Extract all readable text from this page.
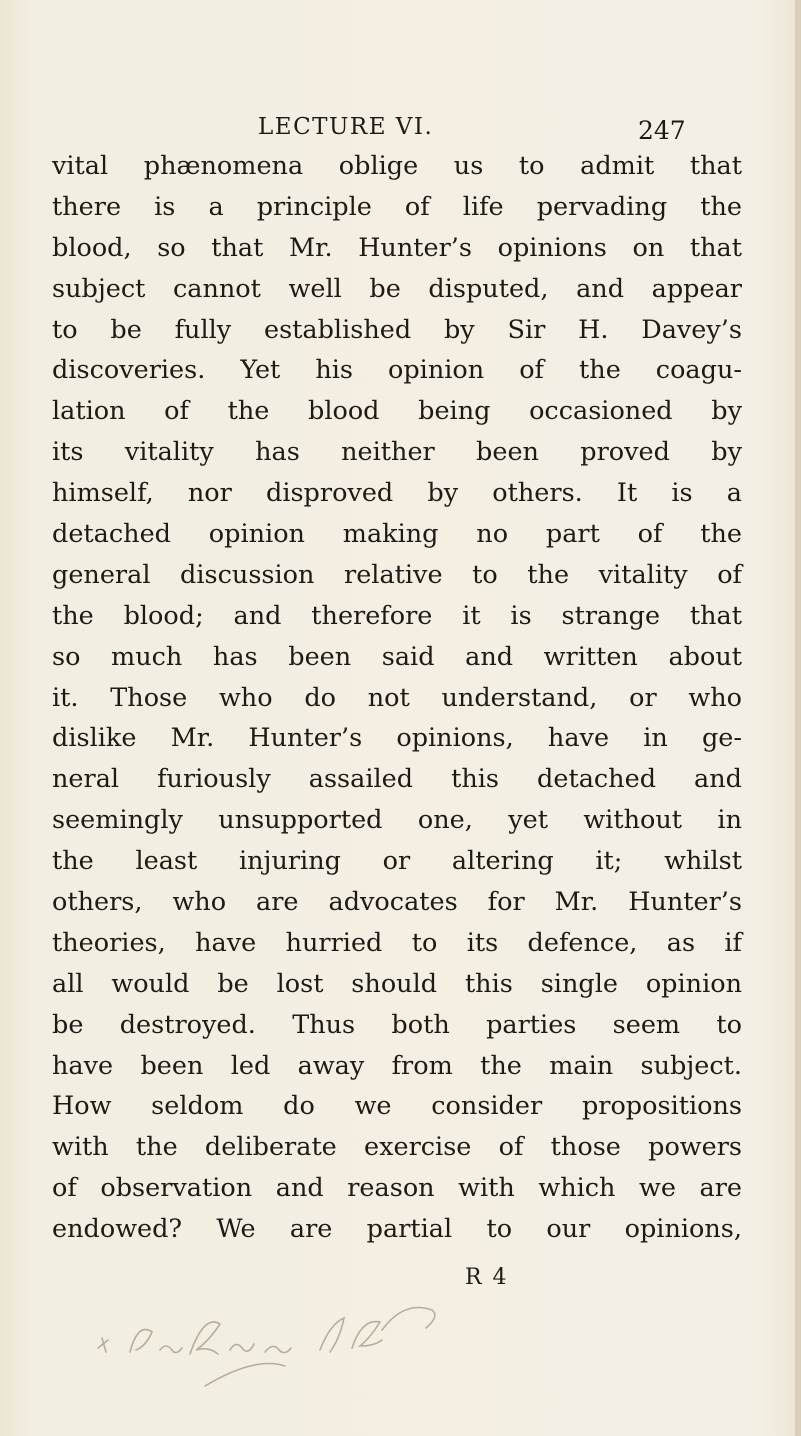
LECTURE VI.	247
vital phænomena oblige us to admit that
there is a principle of life pervading the
blood, so that Mr. Hunter’s opinions on that
subject cannot well be disputed, and appear
to be fully established by Sir H. Davey’s
discoveries. Yet his opinion of the coagu-
lation of the blood being occasioned by
its vitality has neither been proved by
himself, nor disproved by others. It is a
detached opinion making no part of the
general discussion relative to the vitality of
the blood; and therefore it is strange that
so much has been said and written about
it. Those who do not understand, or who
dislike Mr. Hunter’s opinions, have in ge-
neral furiously assailed this detached and
seemingly unsupported one, yet without in
the least injuring or altering it; whilst
others, who are advocates for Mr. Hunter’s
theories, have hurried to its defence, as if
all would be lost should this single opinion
be destroyed. Thus both parties seem to
have been led away from the main subject.
How seldom do we consider propositions
with the deliberate exercise of those powers
of observation and reason with which we are
endowed? We are partial to our opinions,
R 4
